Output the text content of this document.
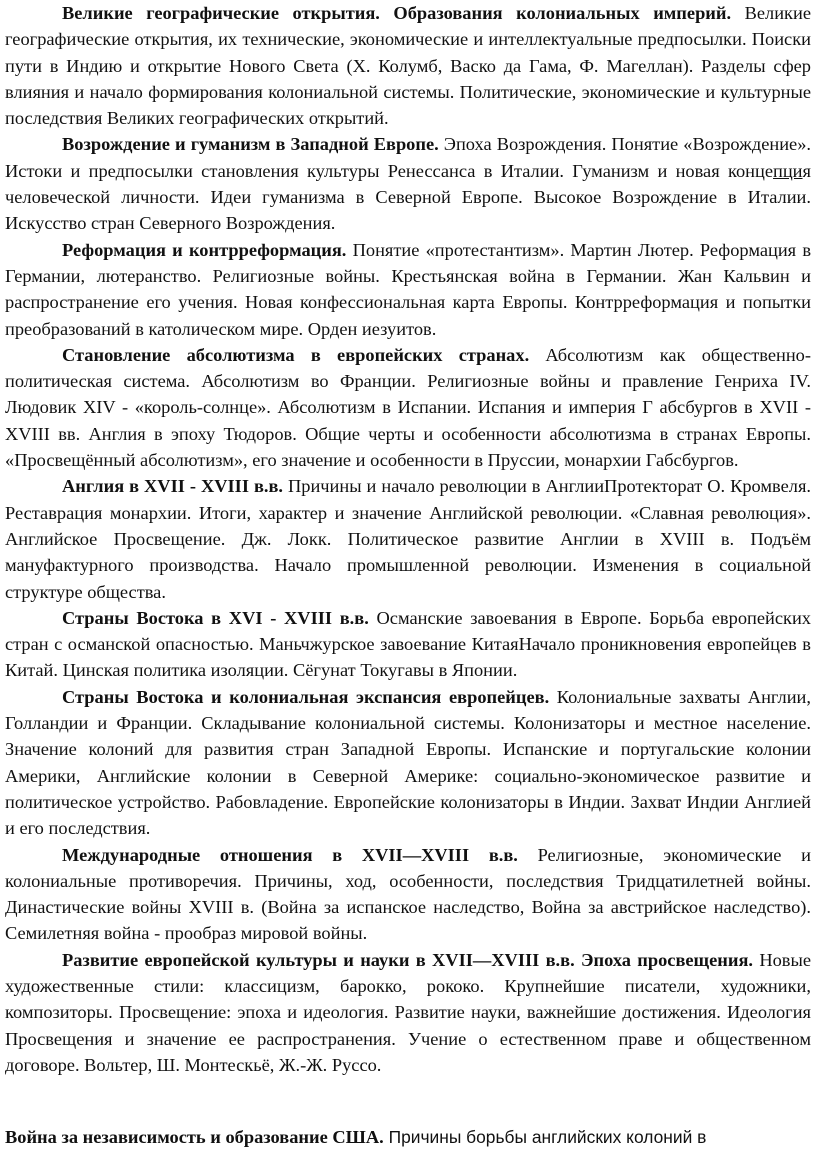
Великие географические открытия. Образования колониальных империй. Великие географические открытия, их технические, экономические и интеллектуальные предпосылки. Поиски пути в Индию и открытие Нового Света (Х. Колумб, Васко да Гама, Ф. Магеллан). Разделы сфер влияния и начало формирования колониальной системы. Политические, экономические и культурные последствия Великих географических открытий.

Возрождение и гуманизм в Западной Европе. Эпоха Возрождения. Понятие «Возрождение». Истоки и предпосылки становления культуры Ренессанса в Италии. Гуманизм и новая концепция человеческой личности. Идеи гуманизма в Северной Европе. Высокое Возрождение в Италии. Искусство стран Северного Возрождения.

Реформация и контрреформация. Понятие «протестантизм». Мартин Лютер. Реформация в Германии, лютеранство. Религиозные войны. Крестьянская война в Германии. Жан Кальвин и распространение его учения. Новая конфессиональная карта Европы. Контрреформация и попытки преобразований в католическом мире. Орден иезуитов.

Становление абсолютизма в европейских странах. Абсолютизм как общественно-политическая система. Абсолютизм во Франции. Религиозные войны и правление Генриха IV. Людовик XIV - «король-солнце». Абсолютизм в Испании. Испания и империя Г абсбургов в XVII - XVIII вв. Англия в эпоху Тюдоров. Общие черты и особенности абсолютизма в странах Европы. «Просвещённый абсолютизм», его значение и особенности в Пруссии, монархии Габсбургов.

Англия в XVII - XVIII в.в. Причины и начало революции в АнглииПротекторат О. Кромвеля. Реставрация монархии. Итоги, характер и значение Английской революции. «Славная революция». Английское Просвещение. Дж. Локк. Политическое развитие Англии в XVIII в. Подъём мануфактурного производства. Начало промышленной революции. Изменения в социальной структуре общества.

Страны Востока в XVI - XVIII в.в. Османские завоевания в Европе. Борьба европейских стран с османской опасностью. Маньчжурское завоевание КитаяНачало проникновения европейцев в Китай. Цинская политика изоляции. Сёгунат Токугавы в Японии.

Страны Востока и колониальная экспансия европейцев. Колониальные захваты Англии, Голландии и Франции. Складывание колониальной системы. Колонизаторы и местное население. Значение колоний для развития стран Западной Европы. Испанские и португальские колонии Америки, Английские колонии в Северной Америке: социально-экономическое развитие и политическое устройство. Рабовладение. Европейские колонизаторы в Индии. Захват Индии Англией и его последствия.

Международные отношения в XVII—XVIII в.в. Религиозные, экономические и колониальные противоречия. Причины, ход, особенности, последствия Тридцатилетней войны. Династические войны XVIII в. (Война за испанское наследство, Война за австрийское наследство). Семилетняя война - прообраз мировой войны.

Развитие европейской культуры и науки в XVII—XVIII в.в. Эпоха просвещения. Новые художественные стили: классицизм, барокко, рококо. Крупнейшие писатели, художники, композиторы. Просвещение: эпоха и идеология. Развитие науки, важнейшие достижения. Идеология Просвещения и значение ее распространения. Учение о естественном праве и общественном договоре. Вольтер, Ш. Монтескьё, Ж.-Ж. Руссо.

Война за независимость и образование США. Причины борьбы английских колоний в
